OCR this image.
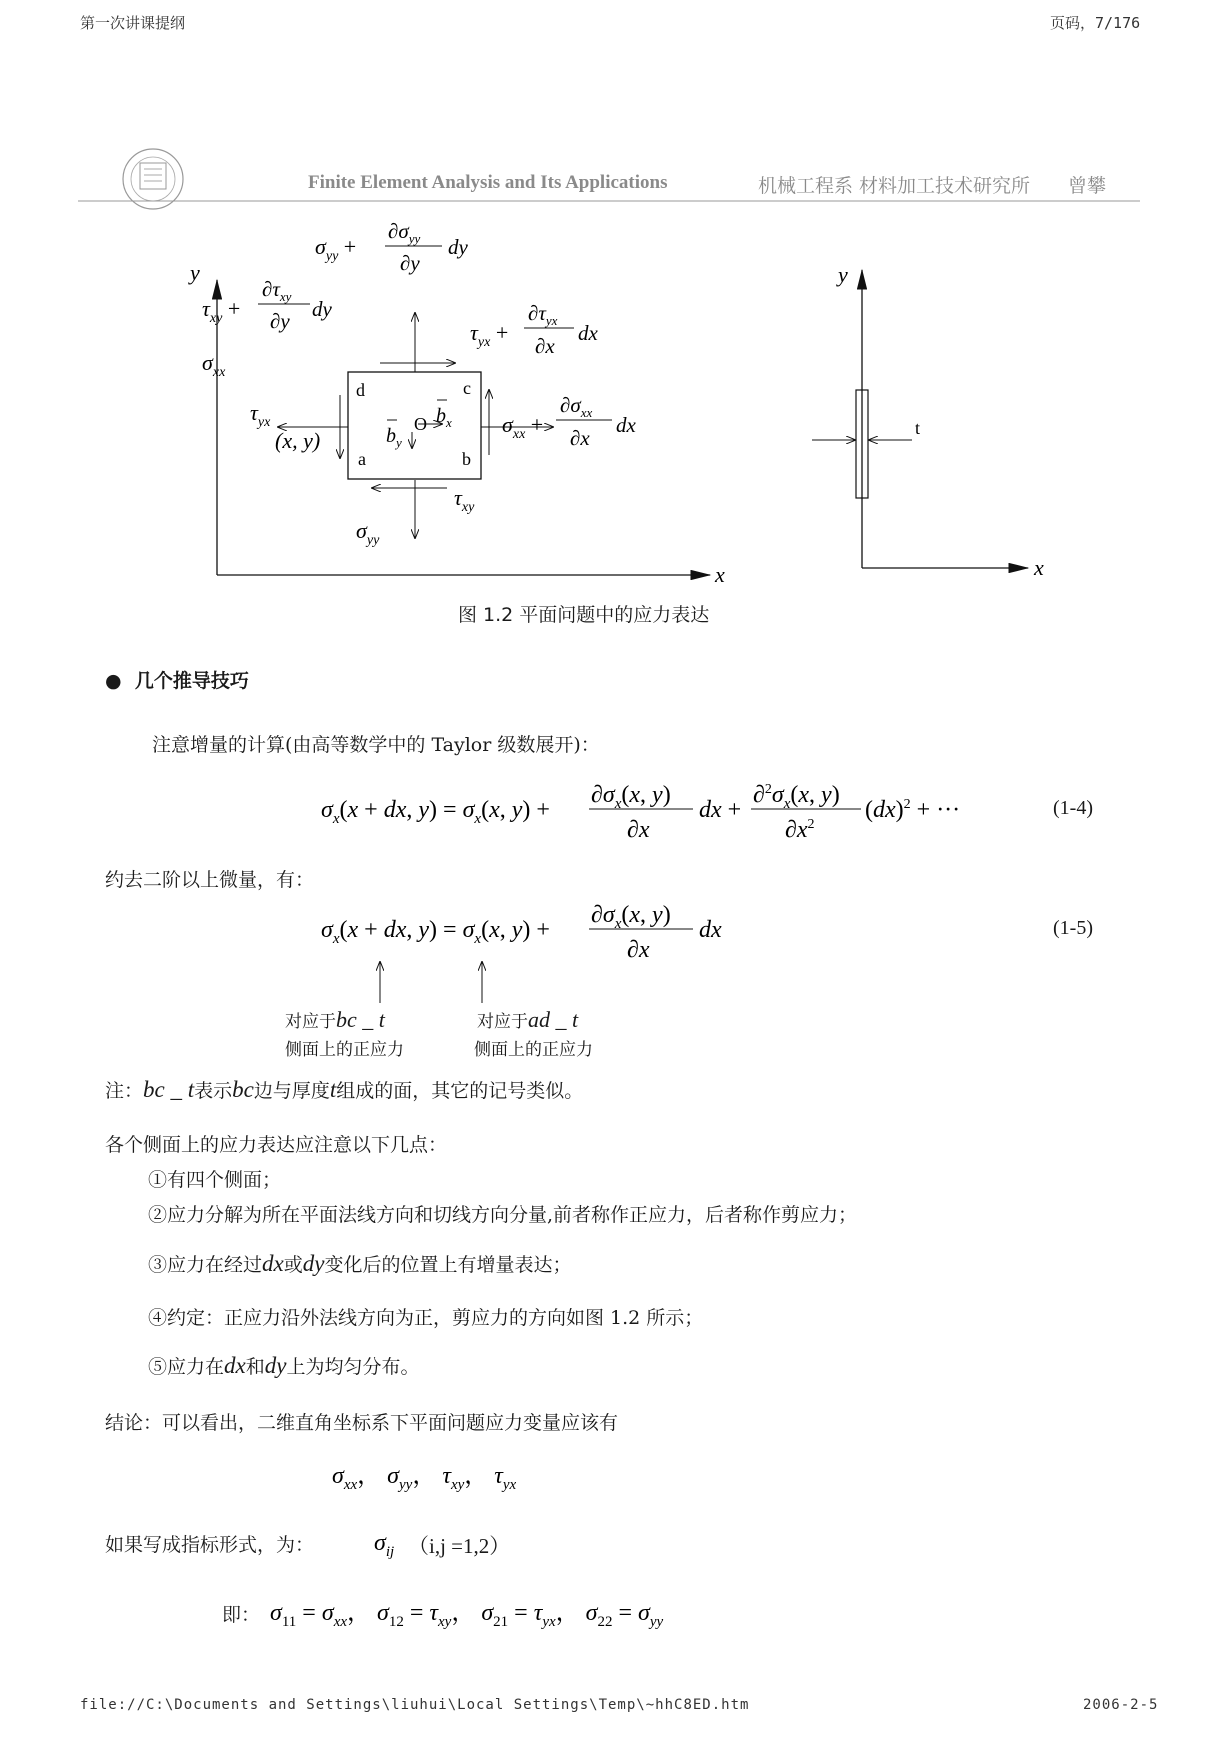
第一次讲课提纲	页码，7/176
Finite Element Analysis and Its Applications	机械工程系 材料加工技术研究所 曾攀
y
x
d	c
a	b
O
$b_y$
$b_x$
$\sigma_{yy}$ +
$\partial\sigma_{yy}$
∂y
dy
$\tau_{xy}$ +
$\partial\tau_{xy}$
∂y dy
$\sigma_{xx}$
$\tau_{yx}$
(x, y)
$\tau_{yx}$ +
$\partial\tau_{yx}$
∂x
dx
$\sigma_{xx}$ +
$\partial\sigma_{xx}$
∂x
dx
$\tau_{xy}$
$\sigma_{yy}$
y
x
t
图 1.2 平面问题中的应力表达
●  几个推导技巧
注意增量的计算(由高等数学中的 Taylor 级数展开)：
$\sigma_x(x$ + dx, $y) = \sigma_x(x$, y) +
$\partial\sigma_x(x$, y)
∂x
dx +
$\partial^2\sigma_x(x$, y)
$\partial x^2$
(dx)$^2$ + ···	(1-4)
约去二阶以上微量，有：
$\sigma_x(x$ + dx, $y) = \sigma_x(x$, y) +
$\partial\sigma_x(x$, y)
∂x
dx	(1-5)
对应于bc _ t
侧面上的正应力
对应于ad _ t
侧面上的正应力
注：bc _ t表示bc边与厚度t组成的面，其它的记号类似。
各个侧面上的应力表达应注意以下几点：
①有四个侧面；
②应力分解为所在平面法线方向和切线方向分量,前者称作正应力，后者称作剪应力；
③应力在经过dx或dy变化后的位置上有增量表达；
④约定：正应力沿外法线方向为正，剪应力的方向如图 1.2 所示；
⑤应力在dx和dy上为均匀分布。
结论：可以看出，二维直角坐标系下平面问题应力变量应该有
$\sigma_{xx}$， $\sigma_{yy}$， $\tau_{xy}$， $\tau_{yx}$
如果写成指标形式，为： $\sigma_{ij}$ （i,j =1,2）
即： $\sigma_{11} = \sigma_{xx}$， $\sigma_{12} = \tau_{xy}$， $\sigma_{21} = \tau_{yx}$， $\sigma_{22} = \sigma_{yy}$
file://C:\Documents and Settings\liuhui\Local Settings\Temp\~hhC8ED.htm	2006-2-5
